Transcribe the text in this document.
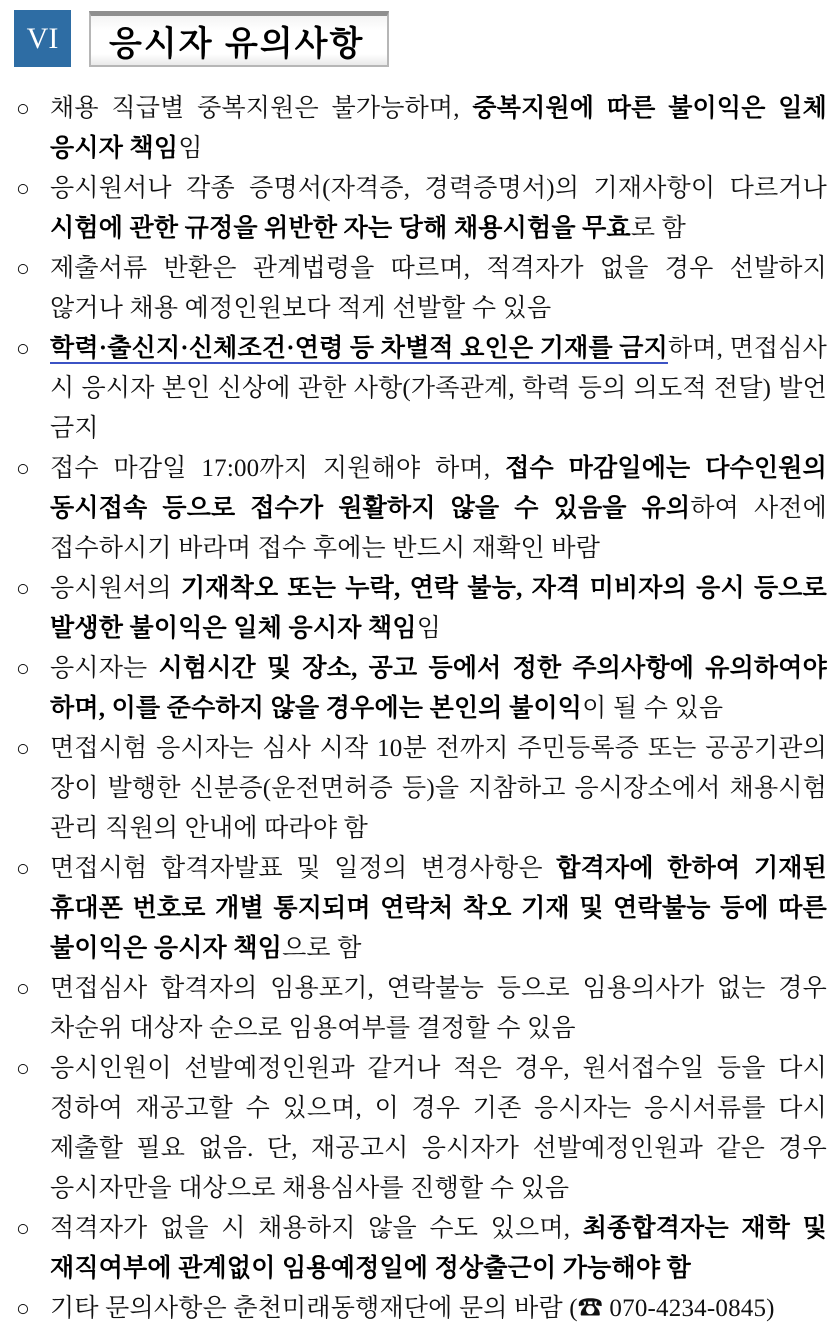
VI	응시자 유의사항
○ 채용 직급별 중복지원은 불가능하며, 중복지원에 따른 불이익은 일체 응시자 책임임
○ 응시원서나 각종 증명서(자격증, 경력증명서)의 기재사항이 다르거나 시험에 관한 규정을 위반한 자는 당해 채용시험을 무효로 함
○ 제출서류 반환은 관계법령을 따르며, 적격자가 없을 경우 선발하지 않거나 채용 예정인원보다 적게 선발할 수 있음
○ 학력·출신지·신체조건·연령 등 차별적 요인은 기재를 금지하며, 면접심사 시 응시자 본인 신상에 관한 사항(가족관계, 학력 등의 의도적 전달) 발언 금지
○ 접수 마감일 17:00까지 지원해야 하며, 접수 마감일에는 다수인원의 동시접속 등으로 접수가 원활하지 않을 수 있음을 유의하여 사전에 접수하시기 바라며 접수 후에는 반드시 재확인 바람
○ 응시원서의 기재착오 또는 누락, 연락 불능, 자격 미비자의 응시 등으로 발생한 불이익은 일체 응시자 책임임
○ 응시자는 시험시간 및 장소, 공고 등에서 정한 주의사항에 유의하여야 하며, 이를 준수하지 않을 경우에는 본인의 불이익이 될 수 있음
○ 면접시험 응시자는 심사 시작 10분 전까지 주민등록증 또는 공공기관의 장이 발행한 신분증(운전면허증 등)을 지참하고 응시장소에서 채용시험 관리 직원의 안내에 따라야 함
○ 면접시험 합격자발표 및 일정의 변경사항은 합격자에 한하여 기재된 휴대폰 번호로 개별 통지되며 연락처 착오 기재 및 연락불능 등에 따른 불이익은 응시자 책임으로 함
○ 면접심사 합격자의 임용포기, 연락불능 등으로 임용의사가 없는 경우 차순위 대상자 순으로 임용여부를 결정할 수 있음
○ 응시인원이 선발예정인원과 같거나 적은 경우, 원서접수일 등을 다시 정하여 재공고할 수 있으며, 이 경우 기존 응시자는 응시서류를 다시 제출할 필요 없음. 단, 재공고시 응시자가 선발예정인원과 같은 경우 응시자만을 대상으로 채용심사를 진행할 수 있음
○ 적격자가 없을 시 채용하지 않을 수도 있으며, 최종합격자는 재학 및 재직여부에 관계없이 임용예정일에 정상출근이 가능해야 함
○ 기타 문의사항은 춘천미래동행재단에 문의 바람 (☎ 070-4234-0845)
